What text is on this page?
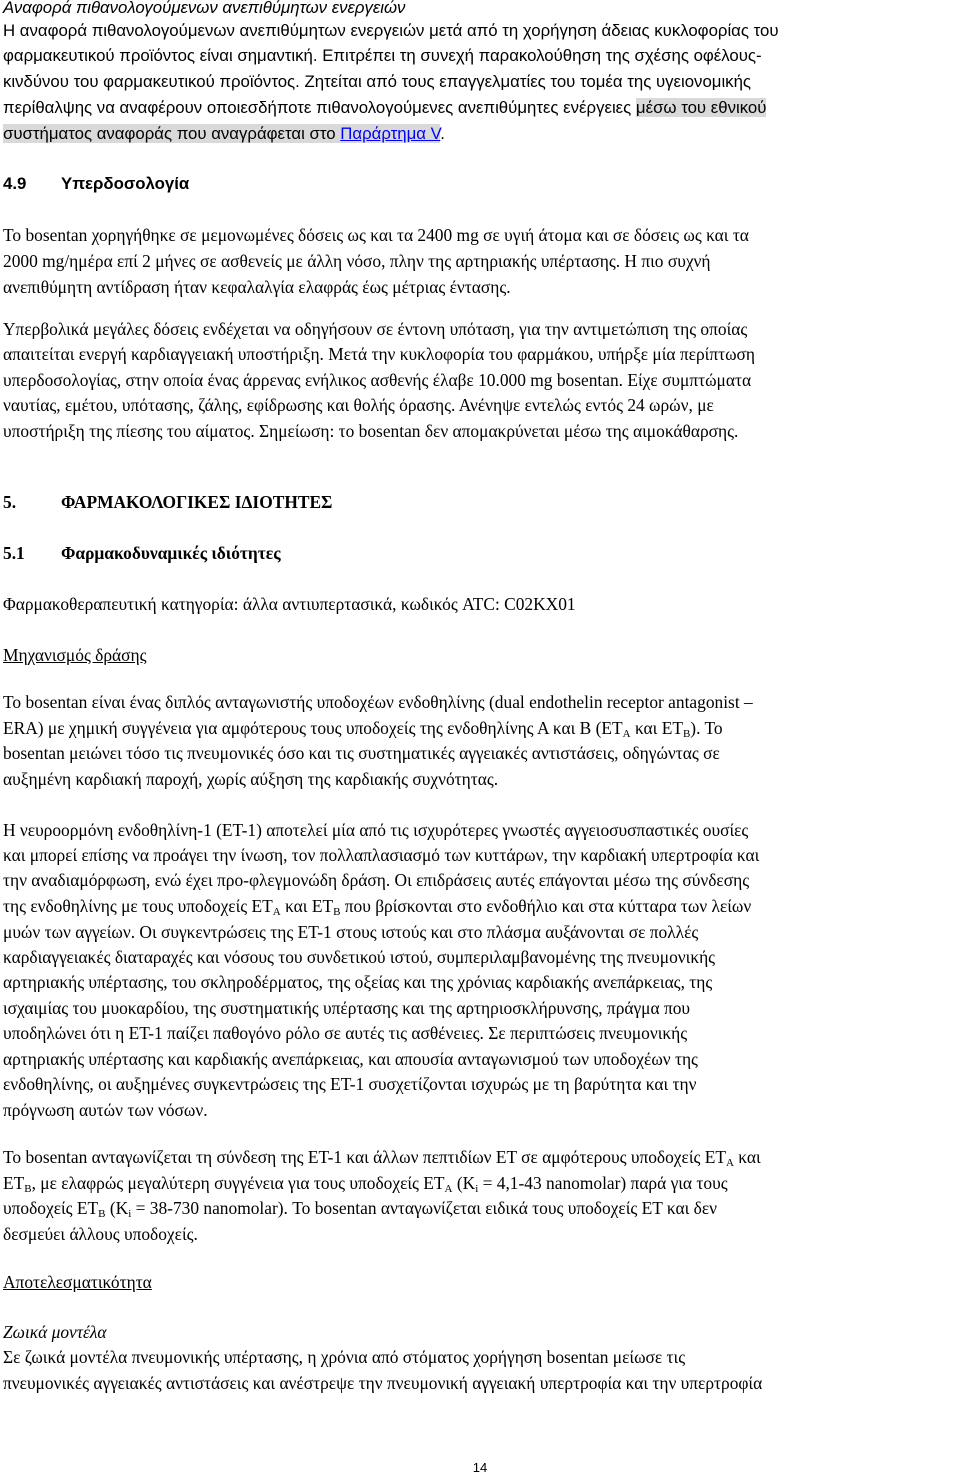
Αναφορά πιθανολογούμενων ανεπιθύμητων ενεργειών
Η αναφορά πιθανολογούμενων ανεπιθύμητων ενεργειών μετά από τη χορήγηση άδειας κυκλοφορίας του
φαρμακευτικού προϊόντος είναι σημαντική. Επιτρέπει τη συνεχή παρακολούθηση της σχέσης οφέλους-
κινδύνου του φαρμακευτικού προϊόντος. Ζητείται από τους επαγγελματίες του τομέα της υγειονομικής
περίθαλψης να αναφέρουν οποιεσδήποτε πιθανολογούμενες ανεπιθύμητες ενέργειες μέσω του εθνικού
συστήματος αναφοράς που αναγράφεται στο Παράρτημα V.
4.9 Υπερδοσολογία
Το bosentan χορηγήθηκε σε μεμονωμένες δόσεις ως και τα 2400 mg σε υγιή άτομα και σε δόσεις ως και τα
2000 mg/ημέρα επί 2 μήνες σε ασθενείς με άλλη νόσο, πλην της αρτηριακής υπέρτασης. Η πιο συχνή
ανεπιθύμητη αντίδραση ήταν κεφαλαλγία ελαφράς έως μέτριας έντασης.
Υπερβολικά μεγάλες δόσεις ενδέχεται να οδηγήσουν σε έντονη υπόταση, για την αντιμετώπιση της οποίας
απαιτείται ενεργή καρδιαγγειακή υποστήριξη. Μετά την κυκλοφορία του φαρμάκου, υπήρξε μία περίπτωση
υπερδοσολογίας, στην οποία ένας άρρενας ενήλικος ασθενής έλαβε 10.000 mg bosentan. Είχε συμπτώματα
ναυτίας, εμέτου, υπότασης, ζάλης, εφίδρωσης και θολής όρασης. Ανένηψε εντελώς εντός 24 ωρών, με
υποστήριξη της πίεσης του αίματος. Σημείωση: το bosentan δεν απομακρύνεται μέσω της αιμοκάθαρσης.
5.	ΦΑΡΜΑΚΟΛΟΓΙΚΕΣ ΙΔΙΟΤΗΤΕΣ
5.1 Φαρμακοδυναμικές ιδιότητες
Φαρμακοθεραπευτική κατηγορία: άλλα αντιυπερτασικά, κωδικός ATC: C02KX01
Μηχανισμός δράσης
Το bosentan είναι ένας διπλός ανταγωνιστής υποδοχέων ενδοθηλίνης (dual endothelin receptor antagonist –
ERA) με χημική συγγένεια για αμφότερους τους υποδοχείς της ενδοθηλίνης Α και Β ($ET_A$ και $ET_B$). Το
bosentan μειώνει τόσο τις πνευμονικές όσο και τις συστηματικές αγγειακές αντιστάσεις, οδηγώντας σε
αυξημένη καρδιακή παροχή, χωρίς αύξηση της καρδιακής συχνότητας.
Η νευροορμόνη ενδοθηλίνη-1 (ΕΤ-1) αποτελεί μία από τις ισχυρότερες γνωστές αγγειοσυσπαστικές ουσίες
και μπορεί επίσης να προάγει την ίνωση, τον πολλαπλασιασμό των κυττάρων, την καρδιακή υπερτροφία και
την αναδιαμόρφωση, ενώ έχει προ-φλεγμονώδη δράση. Οι επιδράσεις αυτές επάγονται μέσω της σύνδεσης
της ενδοθηλίνης με τους υποδοχείς $ET_A$ και $ET_B$ που βρίσκονται στο ενδοθήλιο και στα κύτταρα των λείων
μυών των αγγείων. Οι συγκεντρώσεις της ET-1 στους ιστούς και στο πλάσμα αυξάνονται σε πολλές
καρδιαγγειακές διαταραχές και νόσους του συνδετικού ιστού, συμπεριλαμβανομένης της πνευμονικής
αρτηριακής υπέρτασης, του σκληροδέρματος, της οξείας και της χρόνιας καρδιακής ανεπάρκειας, της
ισχαιμίας του μυοκαρδίου, της συστηματικής υπέρτασης και της αρτηριοσκλήρυνσης, πράγμα που
υποδηλώνει ότι η ET-1 παίζει παθογόνο ρόλο σε αυτές τις ασθένειες. Σε περιπτώσεις πνευμονικής
αρτηριακής υπέρτασης και καρδιακής ανεπάρκειας, και απουσία ανταγωνισμού των υποδοχέων της
ενδοθηλίνης, οι αυξημένες συγκεντρώσεις της ET-1 συσχετίζονται ισχυρώς με τη βαρύτητα και την
πρόγνωση αυτών των νόσων.
Το bosentan ανταγωνίζεται τη σύνδεση της ET-1 και άλλων πεπτιδίων ET σε αμφότερους υποδοχείς $ET_A$ και
$ET_B$, με ελαφρώς μεγαλύτερη συγγένεια για τους υποδοχείς $ET_A$ ($K_i = 4,1-43$ nanomolar) παρά για τους
υποδοχείς $ET_B$ ($K_i = 38-730$ nanomolar). Το bosentan ανταγωνίζεται ειδικά τους υποδοχείς ET και δεν
δεσμεύει άλλους υποδοχείς.
Αποτελεσματικότητα
Ζωικά μοντέλα
Σε ζωικά μοντέλα πνευμονικής υπέρτασης, η χρόνια από στόματος χορήγηση bosentan μείωσε τις
πνευμονικές αγγειακές αντιστάσεις και ανέστρεψε την πνευμονική αγγειακή υπερτροφία και την υπερτροφία
14
